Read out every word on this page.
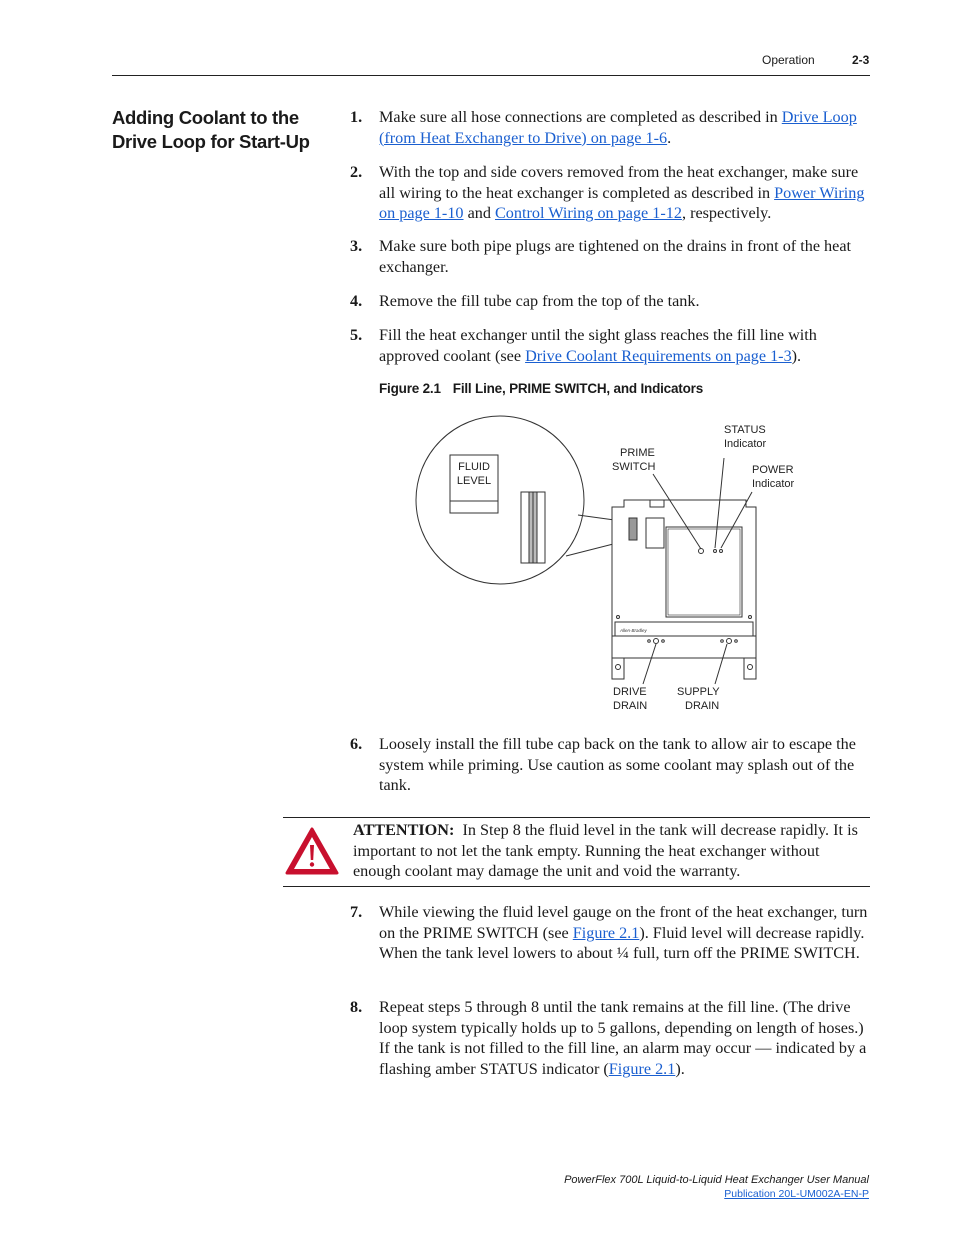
Operation	2-3
Adding Coolant to the Drive Loop for Start-Up
1. Make sure all hose connections are completed as described in Drive Loop (from Heat Exchanger to Drive) on page 1-6.
2. With the top and side covers removed from the heat exchanger, make sure all wiring to the heat exchanger is completed as described in Power Wiring on page 1-10 and Control Wiring on page 1-12, respectively.
3. Make sure both pipe plugs are tightened on the drains in front of the heat exchanger.
4. Remove the fill tube cap from the top of the tank.
5. Fill the heat exchanger until the sight glass reaches the fill line with approved coolant (see Drive Coolant Requirements on page 1-3).
Figure 2.1 Fill Line, PRIME SWITCH, and Indicators
FLUID
LEVEL
Allen-Bradley
PRIME
SWITCH
STATUS
Indicator
POWER
Indicator
DRIVE
DRAIN
SUPPLY
DRAIN
6. Loosely install the fill tube cap back on the tank to allow air to escape the system while priming. Use caution as some coolant may splash out of the tank.
ATTENTION: In Step 8 the fluid level in the tank will decrease rapidly. It is important to not let the tank empty. Running the heat exchanger without enough coolant may damage the unit and void the warranty.
7. While viewing the fluid level gauge on the front of the heat exchanger, turn on the PRIME SWITCH (see Figure 2.1). Fluid level will decrease rapidly. When the tank level lowers to about ¼ full, turn off the PRIME SWITCH.
8. Repeat steps 5 through 8 until the tank remains at the fill line. (The drive loop system typically holds up to 5 gallons, depending on length of hoses.) If the tank is not filled to the fill line, an alarm may occur — indicated by a flashing amber STATUS indicator (Figure 2.1).
PowerFlex 700L Liquid-to-Liquid Heat Exchanger User Manual
Publication 20L-UM002A-EN-P
